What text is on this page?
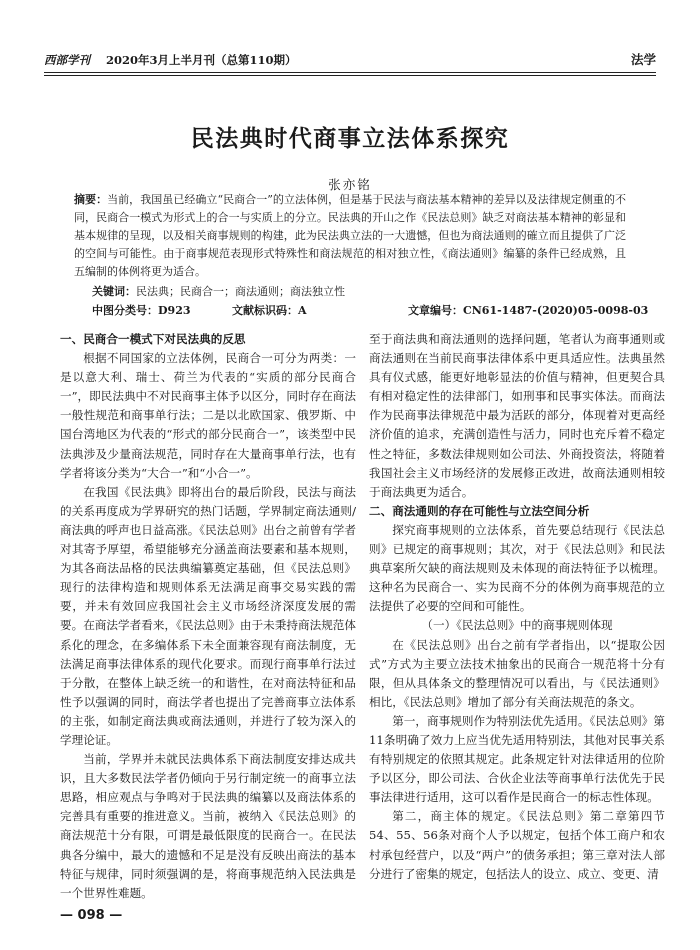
西部学刊 2020年3月上半月刊（总第110期）	法学
民法典时代商事立法体系探究
张亦铭
摘要：当前，我国虽已经确立“民商合一”的立法体例，但是基于民法与商法基本精神的差异以及法律规定侧重的不同，民商合一模式为形式上的合一与实质上的分立。民法典的开山之作《民法总则》缺乏对商法基本精神的彰显和基本规律的呈现，以及相关商事规则的构建，此为民法典立法的一大遗憾，但也为商法通则的確立而且提供了广泛的空间与可能性。由于商事规范表现形式特殊性和商法规范的相对独立性，《商法通则》编纂的条件已经成熟，且五编制的体例将更为适合。
关键词：民法典；民商合一；商法通则；商法独立性
中图分类号：D923	文献标识码：A	文章编号：CN61-1487-(2020)05-0098-03
一、民商合一模式下对民法典的反思

根据不同国家的立法体例，民商合一可分为两类：一是以意大利、瑞士、荷兰为代表的“实质的部分民商合一”，即民法典中不对民商事主体予以区分，同时存在商法一般性规范和商事单行法；二是以北欧国家、俄罗斯、中国台湾地区为代表的“形式的部分民商合一”，该类型中民法典涉及少量商法规范，同时存在大量商事单行法，也有学者将该分类为“大合一”和“小合一”。

在我国《民法典》即将出台的最后阶段，民法与商法的关系再度成为学界研究的热门话题，学界制定商法通则/商法典的呼声也日益高涨。《民法总则》出台之前曾有学者对其寄予厚望，希望能够充分涵盖商法要素和基本规则，为其各商法品格的民法典编纂奠定基础，但《民法总则》现行的法律构造和规则体系无法满足商事交易实践的需要，并未有效回应我国社会主义市场经济深度发展的需要。在商法学者看来，《民法总则》由于未秉持商法规范体系化的理念，在多编体系下未全面兼容现有商法制度，无法满足商事法律体系的现代化要求。而现行商事单行法过于分散，在整体上缺乏统一的和谐性，在对商法特征和品性予以强调的同时，商法学者也提出了完善商事立法体系的主张，如制定商法典或商法通则，并进行了较为深入的学理论证。

当前，学界并未就民法典体系下商法制度安排达成共识，且大多数民法学者仍倾向于另行制定统一的商事立法思路，相应观点与争鸣对于民法典的编纂以及商法体系的完善具有重要的推进意义。当前，被纳入《民法总则》的商法规范十分有限，可谓是最低限度的民商合一。在民法典各分编中，最大的遗憾和不足是没有反映出商法的基本特征与规律，同时须强调的是，将商事规范纳入民法典是一个世界性难题。

至于商法典和商法通则的选择问题，笔者认为商事通则或商法通则在当前民商事法律体系中更具适应性。法典虽然具有仪式感，能更好地彰显法的价值与精神，但更契合具有相对稳定性的法律部门，如刑事和民事实体法。而商法作为民商事法律规范中最为活跃的部分，体现着对更高经济价值的追求，充满创造性与活力，同时也充斥着不稳定性之特征，多数法律规则如公司法、外商投资法，将随着我国社会主义市场经济的发展修正改进，故商法通则相较于商法典更为适合。

二、商法通则的存在可能性与立法空间分析

探究商事规则的立法体系，首先要总结现行《民法总则》已规定的商事规则；其次，对于《民法总则》和民法典草案所欠缺的商法规则及未体现的商法特征予以梳理。这种名为民商合一、实为民商不分的体例为商事规范的立法提供了必要的空间和可能性。

（一）《民法总则》中的商事规则体现

在《民法总则》出台之前有学者指出，以“提取公因式”方式为主要立法技术抽象出的民商合一规范将十分有限，但从具体条文的整理情况可以看出，与《民法通则》相比，《民法总则》增加了部分有关商法规范的条文。

第一，商事规则作为特别法优先适用。《民法总则》第11条明确了效力上应当优先适用特别法，其他对民事关系有特别规定的依照其规定。此条规定针对法律适用的位阶予以区分，即公司法、合伙企业法等商事单行法优先于民事法律进行适用，这可以看作是民商合一的标志性体现。

第二，商主体的规定。《民法总则》第二章第四节54、55、56条对商个人予以规定，包括个体工商户和农村承包经营户，以及“两户”的债务承担；第三章对法人部分进行了密集的规定，包括法人的设立、成立、变更、清

— 098 —
